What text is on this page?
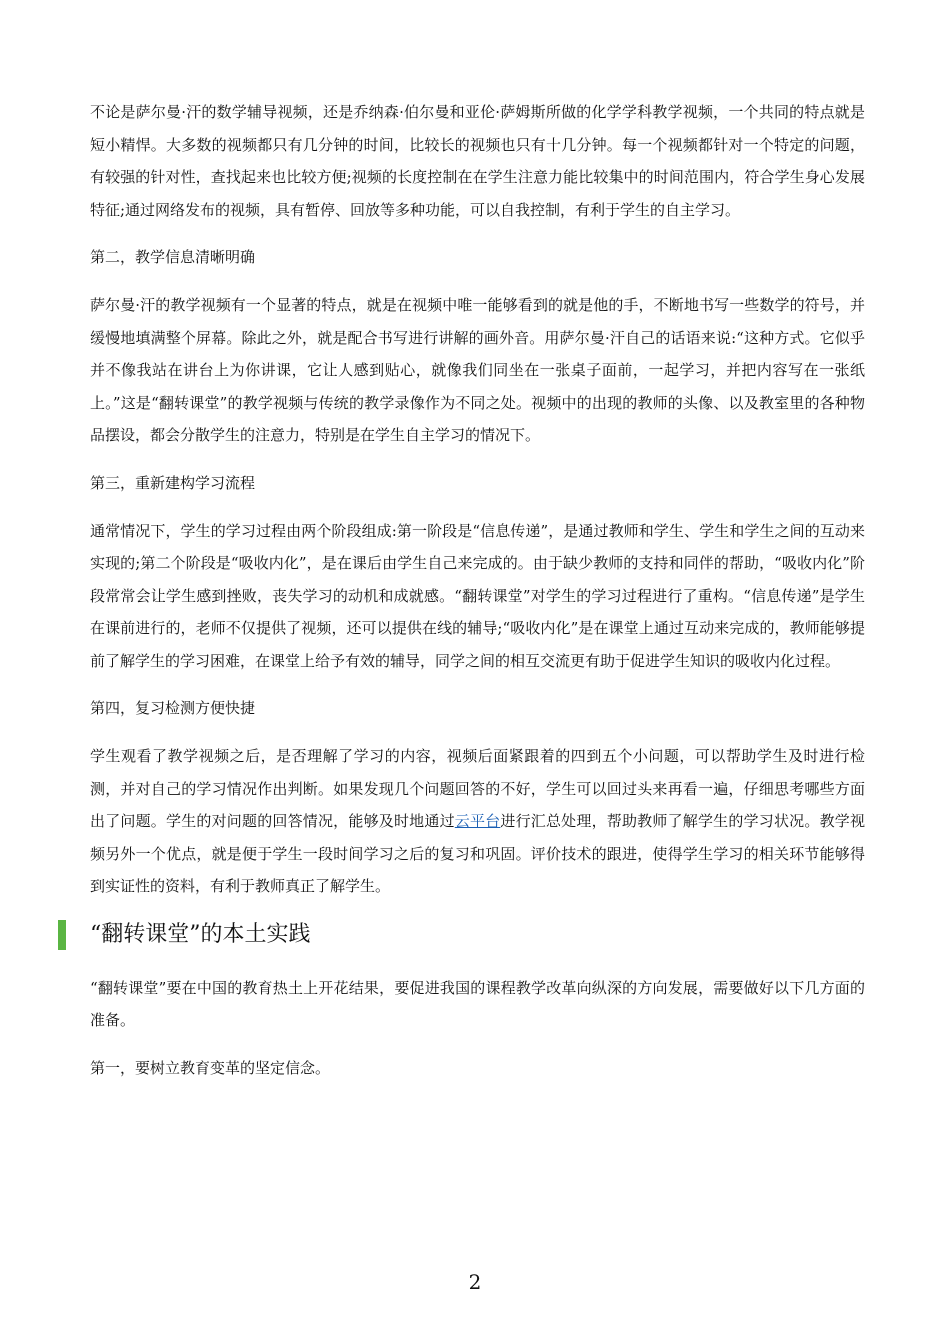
不论是萨尔曼·汗的数学辅导视频，还是乔纳森·伯尔曼和亚伦·萨姆斯所做的化学学科教学视频，一个共同的特点就是短小精悍。大多数的视频都只有几分钟的时间，比较长的视频也只有十几分钟。每一个视频都针对一个特定的问题，有较强的针对性，查找起来也比较方便;视频的长度控制在在学生注意力能比较集中的时间范围内，符合学生身心发展特征;通过网络发布的视频，具有暂停、回放等多种功能，可以自我控制，有利于学生的自主学习。

第二，教学信息清晰明确

萨尔曼·汗的教学视频有一个显著的特点，就是在视频中唯一能够看到的就是他的手，不断地书写一些数学的符号，并缓慢地填满整个屏幕。除此之外，就是配合书写进行讲解的画外音。用萨尔曼·汗自己的话语来说:“这种方式。它似乎并不像我站在讲台上为你讲课，它让人感到贴心，就像我们同坐在一张桌子面前，一起学习，并把内容写在一张纸上。”这是“翻转课堂”的教学视频与传统的教学录像作为不同之处。视频中的出现的教师的头像、以及教室里的各种物品摆设，都会分散学生的注意力，特别是在学生自主学习的情况下。

第三，重新建构学习流程

通常情况下，学生的学习过程由两个阶段组成:第一阶段是“信息传递”，是通过教师和学生、学生和学生之间的互动来实现的;第二个阶段是“吸收内化”，是在课后由学生自己来完成的。由于缺少教师的支持和同伴的帮助，“吸收内化”阶段常常会让学生感到挫败，丧失学习的动机和成就感。“翻转课堂”对学生的学习过程进行了重构。“信息传递”是学生在课前进行的，老师不仅提供了视频，还可以提供在线的辅导;“吸收内化”是在课堂上通过互动来完成的，教师能够提前了解学生的学习困难，在课堂上给予有效的辅导，同学之间的相互交流更有助于促进学生知识的吸收内化过程。

第四，复习检测方便快捷

学生观看了教学视频之后，是否理解了学习的内容，视频后面紧跟着的四到五个小问题，可以帮助学生及时进行检测，并对自己的学习情况作出判断。如果发现几个问题回答的不好，学生可以回过头来再看一遍，仔细思考哪些方面出了问题。学生的对问题的回答情况，能够及时地通过云平台进行汇总处理，帮助教师了解学生的学习状况。教学视频另外一个优点，就是便于学生一段时间学习之后的复习和巩固。评价技术的跟进，使得学生学习的相关环节能够得到实证性的资料，有利于教师真正了解学生。

“翻转课堂”的本土实践

“翻转课堂”要在中国的教育热土上开花结果，要促进我国的课程教学改革向纵深的方向发展，需要做好以下几方面的准备。

第一，要树立教育变革的坚定信念。

2
